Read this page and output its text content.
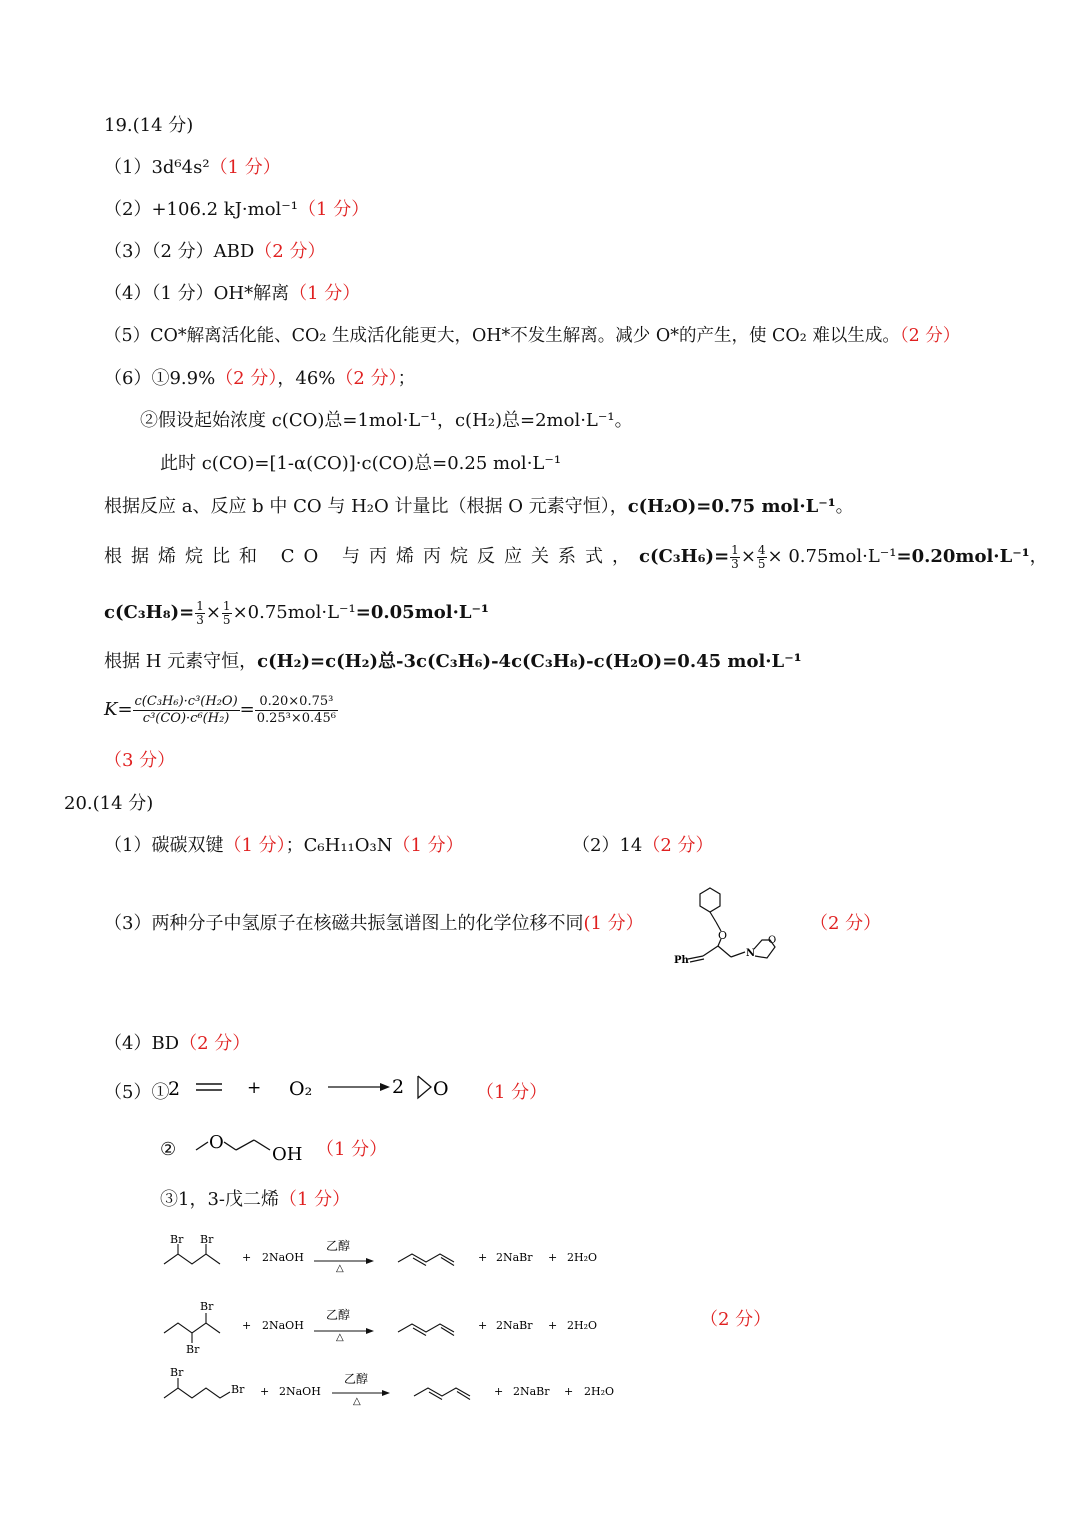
19.(14 分)
（1）3d⁶4s²（1 分）
（2）+106.2 kJ·mol⁻¹（1 分）
（3）（2 分）ABD（2 分）
（4）（1 分）OH*解离（1 分）
（5）CO*解离活化能、CO₂ 生成活化能更大，OH*不发生解离。减少 O*的产生，使 CO₂ 难以生成。（2 分）
（6）①9.9%（2 分），46%（2 分）；
②假设起始浓度 c(CO)总=1mol·L⁻¹，c(H₂)总=2mol·L⁻¹。
此时 c(CO)=[1-α(CO)]·c(CO)总=0.25 mol·L⁻¹
根据反应 a、反应 b 中 CO 与 H₂O 计量比（根据 O 元素守恒），c(H₂O)=0.75 mol·L⁻¹。
根据烯烷比和 CO 与丙烯丙烷反应关系式，$c(C_3H_6)= \frac{1}{3} \times \frac{4}{5} \times 0.75mol\cdot L^{-1}=0.20mol\cdot L^{-1}$，
$c(C_3H_8)= \frac{1}{3} \times \frac{1}{5} \times 0.75mol\cdot L^{-1}=0.05mol\cdot L^{-1}$
根据 H 元素守恒，c(H₂)=c(H₂)总-3c(C₃H₆)-4c(C₃H₈)-c(H₂O)=0.45 mol·L⁻¹
$K= \frac{\text{c(C₃H₆)·c³(H₂O)}}{\text{c³(CO)·c⁶(H₂)}} = \frac{\text{0.20×0.75³}}{\text{0.25³×0.45⁶}}$
（3 分）
20.(14 分)
（1）碳碳双键（1 分）；C₆H₁₁O₃N（1 分）	（2）14（2 分）
（3）两种分子中氢原子在核磁共振氢谱图上的化学位移不同(1 分）
O
N
O
Ph
（2 分）
（4）BD（2 分）
（5）①
2	+ O₂	2 O （1 分）
② O
OH （1 分）
③1，3-戊二烯（1 分）
Br Br
+ 2NaOH
乙醇
△
+ 2NaBr + 2H₂O
Br
Br
+ 2NaOH
乙醇
△
+ 2NaBr + 2H₂O	（2 分）
Br
Br + 2NaOH
乙醇
△
+ 2NaBr + 2H₂O
